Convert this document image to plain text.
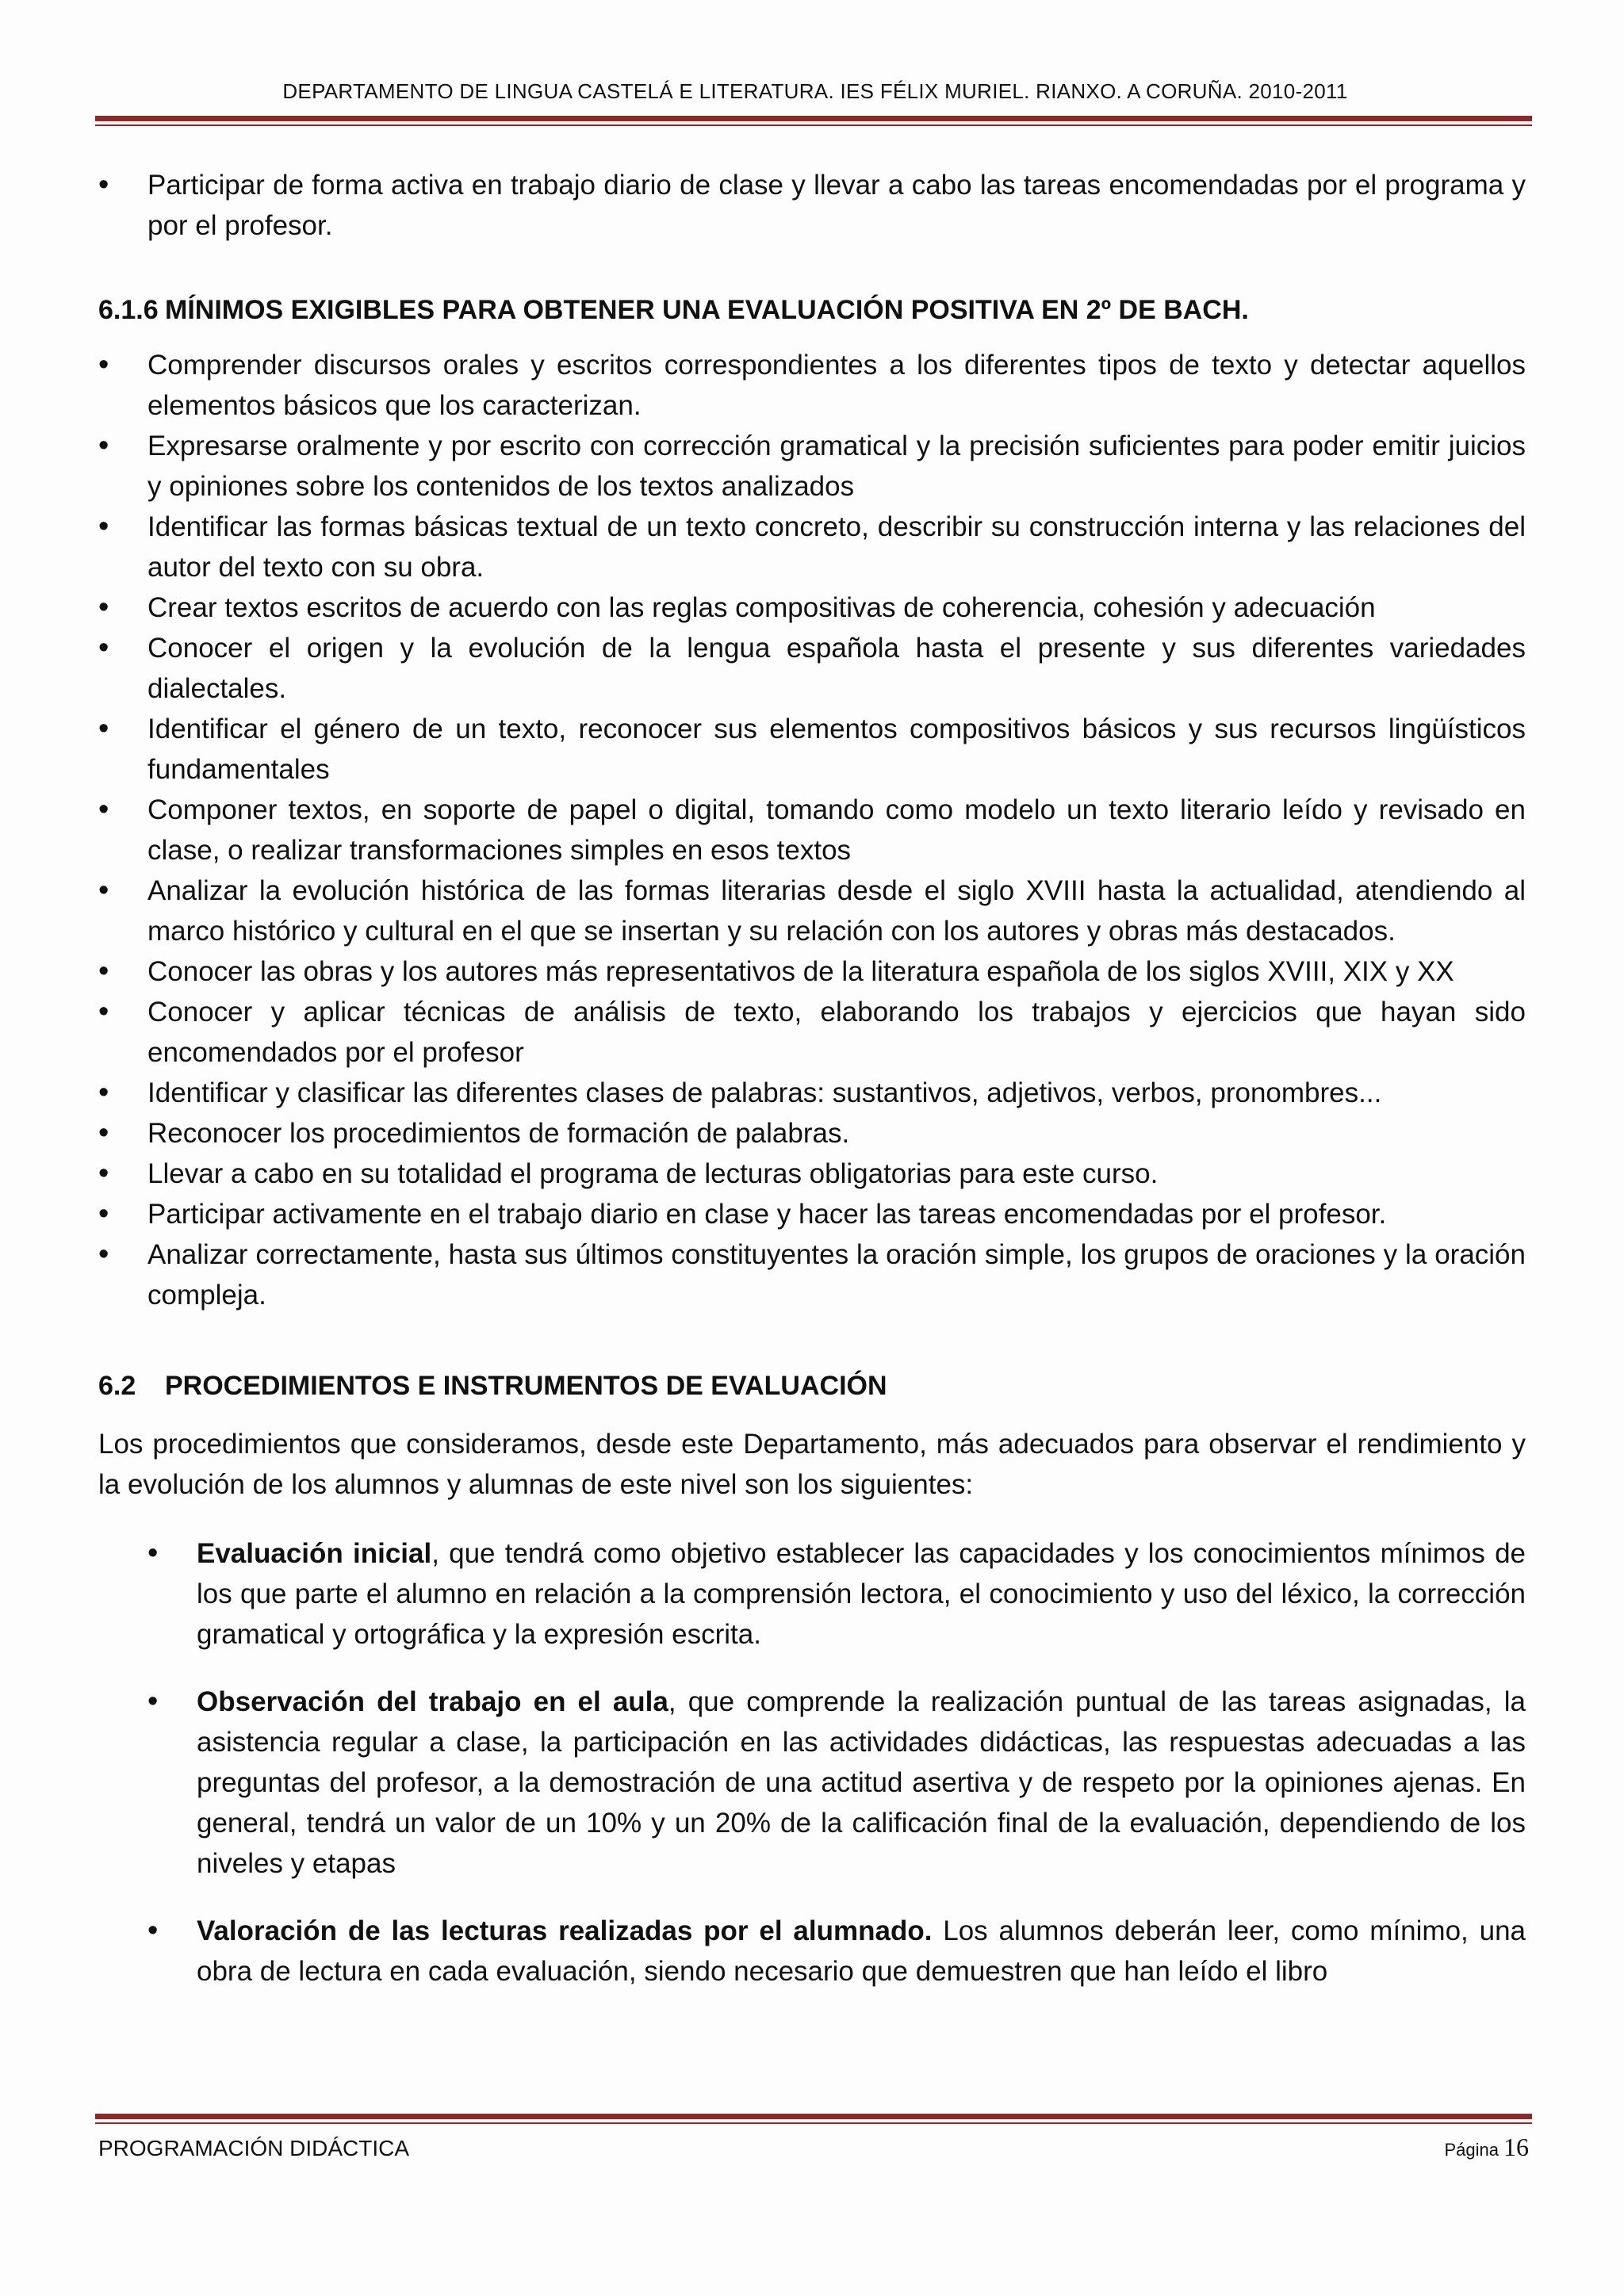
DEPARTAMENTO DE LINGUA CASTELÁ E LITERATURA. IES FÉLIX MURIEL. RIANXO. A CORUÑA. 2010-2011
• Participar de forma activa en trabajo diario de clase y llevar a cabo las tareas encomendadas por el programa y por el profesor.
6.1.6 MÍNIMOS EXIGIBLES PARA OBTENER UNA EVALUACIÓN POSITIVA EN 2º DE BACH.
• Comprender discursos orales y escritos correspondientes a los diferentes tipos de texto y detectar aquellos elementos básicos que los caracterizan.
• Expresarse oralmente y por escrito con corrección gramatical y la precisión suficientes para poder emitir juicios y opiniones sobre los contenidos de los textos analizados
• Identificar las formas básicas textual de un texto concreto, describir su construcción interna y las relaciones del autor del texto con su obra.
• Crear textos escritos de acuerdo con las reglas compositivas de coherencia, cohesión y adecuación
• Conocer el origen y la evolución de la lengua española hasta el presente y sus diferentes variedades dialectales.
• Identificar el género de un texto, reconocer sus elementos compositivos básicos y sus recursos lingüísticos fundamentales
• Componer textos, en soporte de papel o digital, tomando como modelo un texto literario leído y revisado en clase, o realizar transformaciones simples en esos textos
• Analizar la evolución histórica de las formas literarias desde el siglo XVIII hasta la actualidad, atendiendo al marco histórico y cultural en el que se insertan y su relación con los autores y obras más destacados.
• Conocer las obras y los autores más representativos de la literatura española de los siglos XVIII, XIX y XX
• Conocer y aplicar técnicas de análisis de texto, elaborando los trabajos y ejercicios que hayan sido encomendados por el profesor
• Identificar y clasificar las diferentes clases de palabras: sustantivos, adjetivos, verbos, pronombres...
• Reconocer los procedimientos de formación de palabras.
• Llevar a cabo en su totalidad el programa de lecturas obligatorias para este curso.
• Participar activamente en el trabajo diario en clase y hacer las tareas encomendadas por el profesor.
• Analizar correctamente, hasta sus últimos constituyentes la oración simple, los grupos de oraciones y la oración compleja.
6.2 PROCEDIMIENTOS E INSTRUMENTOS DE EVALUACIÓN

Los procedimientos que consideramos, desde este Departamento, más adecuados para observar el rendimiento y la evolución de los alumnos y alumnas de este nivel son los siguientes:

• Evaluación inicial, que tendrá como objetivo establecer las capacidades y los conocimientos mínimos de los que parte el alumno en relación a la comprensión lectora, el conocimiento y uso del léxico, la corrección gramatical y ortográfica y la expresión escrita.
• Observación del trabajo en el aula, que comprende la realización puntual de las tareas asignadas, la asistencia regular a clase, la participación en las actividades didácticas, las respuestas adecuadas a las preguntas del profesor, a la demostración de una actitud asertiva y de respeto por la opiniones ajenas. En general, tendrá un valor de un 10% y un 20% de la calificación final de la evaluación, dependiendo de los niveles y etapas
• Valoración de las lecturas realizadas por el alumnado. Los alumnos deberán leer, como mínimo, una obra de lectura en cada evaluación, siendo necesario que demuestren que han leído el libro
PROGRAMACIÓN DIDÁCTICA	Página 16
